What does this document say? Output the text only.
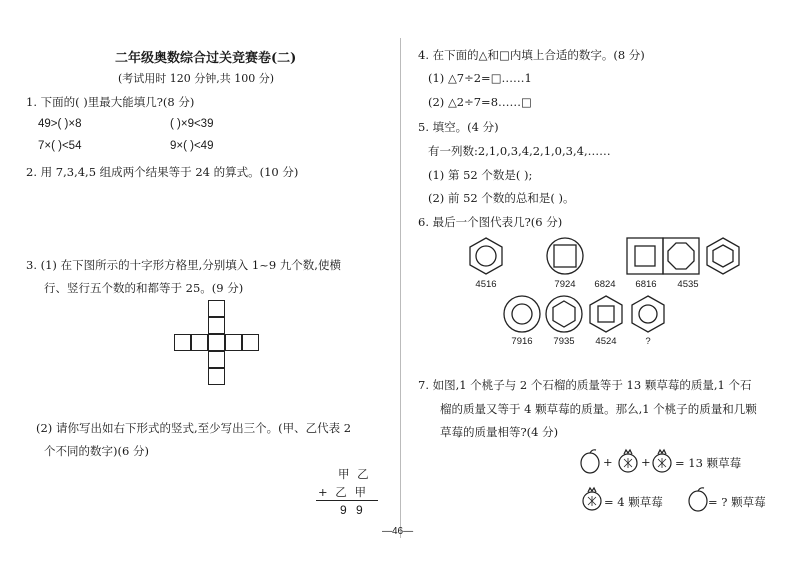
二年级奥数综合过关竞赛卷(二)
(考试用时 120 分钟,共 100 分)
1. 下面的( )里最大能填几?(8 分)
49>( )×8	( )×9<39
7×( )<54	9×( )<49
2. 用 7,3,4,5 组成两个结果等于 24 的算式。(10 分)
3. (1) 在下图所示的十字形方格里,分别填入 1~9 九个数,使横
行、竖行五个数的和都等于 25。(9 分)
(2) 请你写出如右下形式的竖式,至少写出三个。(甲、乙代表 2
个不同的数字)(6 分)
甲 乙
+ 乙 甲
9 9
—46—
4. 在下面的△和□内填上合适的数字。(8 分)
(1) △7÷2=□……1
(2) △2÷7=8……□
5. 填空。(4 分)
有一列数:2,1,0,3,4,2,1,0,3,4,……
(1) 第 52 个数是( );
(2) 前 52 个数的总和是( )。
6. 最后一个图代表几?(6 分)
4516	7924	6824	6816	4535
7916	7935	4524	?
7. 如图,1 个桃子与 2 个石榴的质量等于 13 颗草莓的质量,1 个石
榴的质量又等于 4 颗草莓的质量。那么,1 个桃子的质量和几颗
草莓的质量相等?(4 分)
+ + = 13 颗草莓
= 4 颗草莓	= ? 颗草莓
